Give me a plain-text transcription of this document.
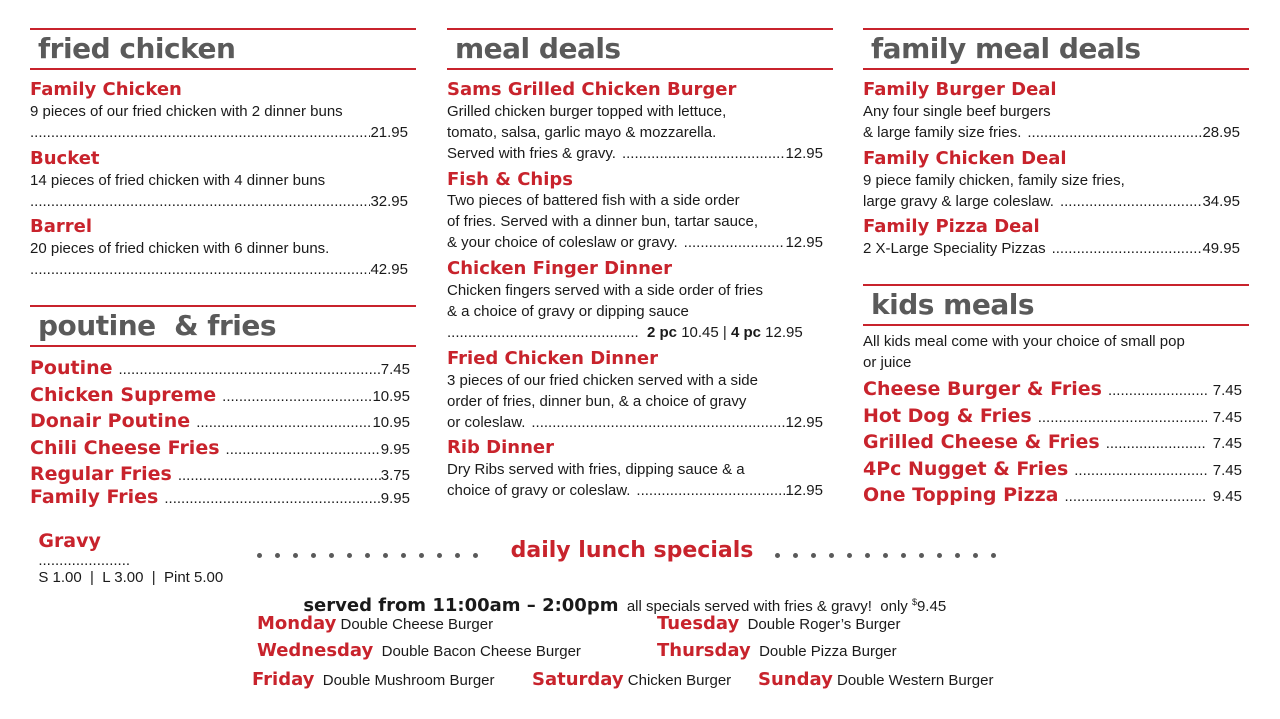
fried chicken
Family Chicken
9 pieces of our fried chicken with 2 dinner buns
.....
21.95
Bucket
14 pieces of fried chicken with 4 dinner buns
.....
32.95
Barrel
20 pieces of fried chicken with 6 dinner buns.
.....
42.95
poutine  & fries
Poutine .....	7.45
Chicken Supreme .....	10.95
Donair Poutine .....	10.95
Chili Cheese Fries .....	9.95
Regular Fries .....	3.75
Family Fries .....	9.95

Gravy
......................
S 1.00  |  L 3.00  |  Pint 5.00

meal deals
Sams Grilled Chicken Burger
Grilled chicken burger topped with lettuce,
tomato, salsa, garlic mayo & mozzarella.
Served with fries & gravy. .....	12.95
Fish & Chips
Two pieces of battered fish with a side order
of fries. Served with a dinner bun, tartar sauce,
& your choice of coleslaw or gravy. .....	12.95
Chicken Finger Dinner
Chicken fingers served with a side order of fries
& a choice of gravy or dipping sauce
.....
2 pc 10.45 | 4 pc 12.95
Fried Chicken Dinner
3 pieces of our fried chicken served with a side
order of fries, dinner bun, & a choice of gravy
or coleslaw. .....	12.95
Rib Dinner
Dry Ribs served with fries, dipping sauce & a
choice of gravy or coleslaw. .....	12.95
family meal deals
Family Burger Deal
Any four single beef burgers
& large family size fries. .....	28.95
Family Chicken Deal
9 piece family chicken, family size fries,
large gravy & large coleslaw. .....	34.95
Family Pizza Deal
2 X-Large Speciality Pizzas .....	49.95
kids meals
All kids meal come with your choice of small pop
or juice
Cheese Burger & Fries .....	7.45
Hot Dog & Fries .....	7.45
Grilled Cheese & Fries .....	7.45
4Pc Nugget & Fries .....	7.45
One Topping Pizza .....	9.45
daily lunch specials

served from 11:00am – 2:00pm all specials served with fries & gravy!  only $9.45

Monday Double Cheese Burger	Tuesday Double Roger’s Burger
Wednesday Double Bacon Cheese Burger	Thursday Double Pizza Burger
Friday Double Mushroom Burger Saturday Chicken Burger Sunday Double Western Burger
